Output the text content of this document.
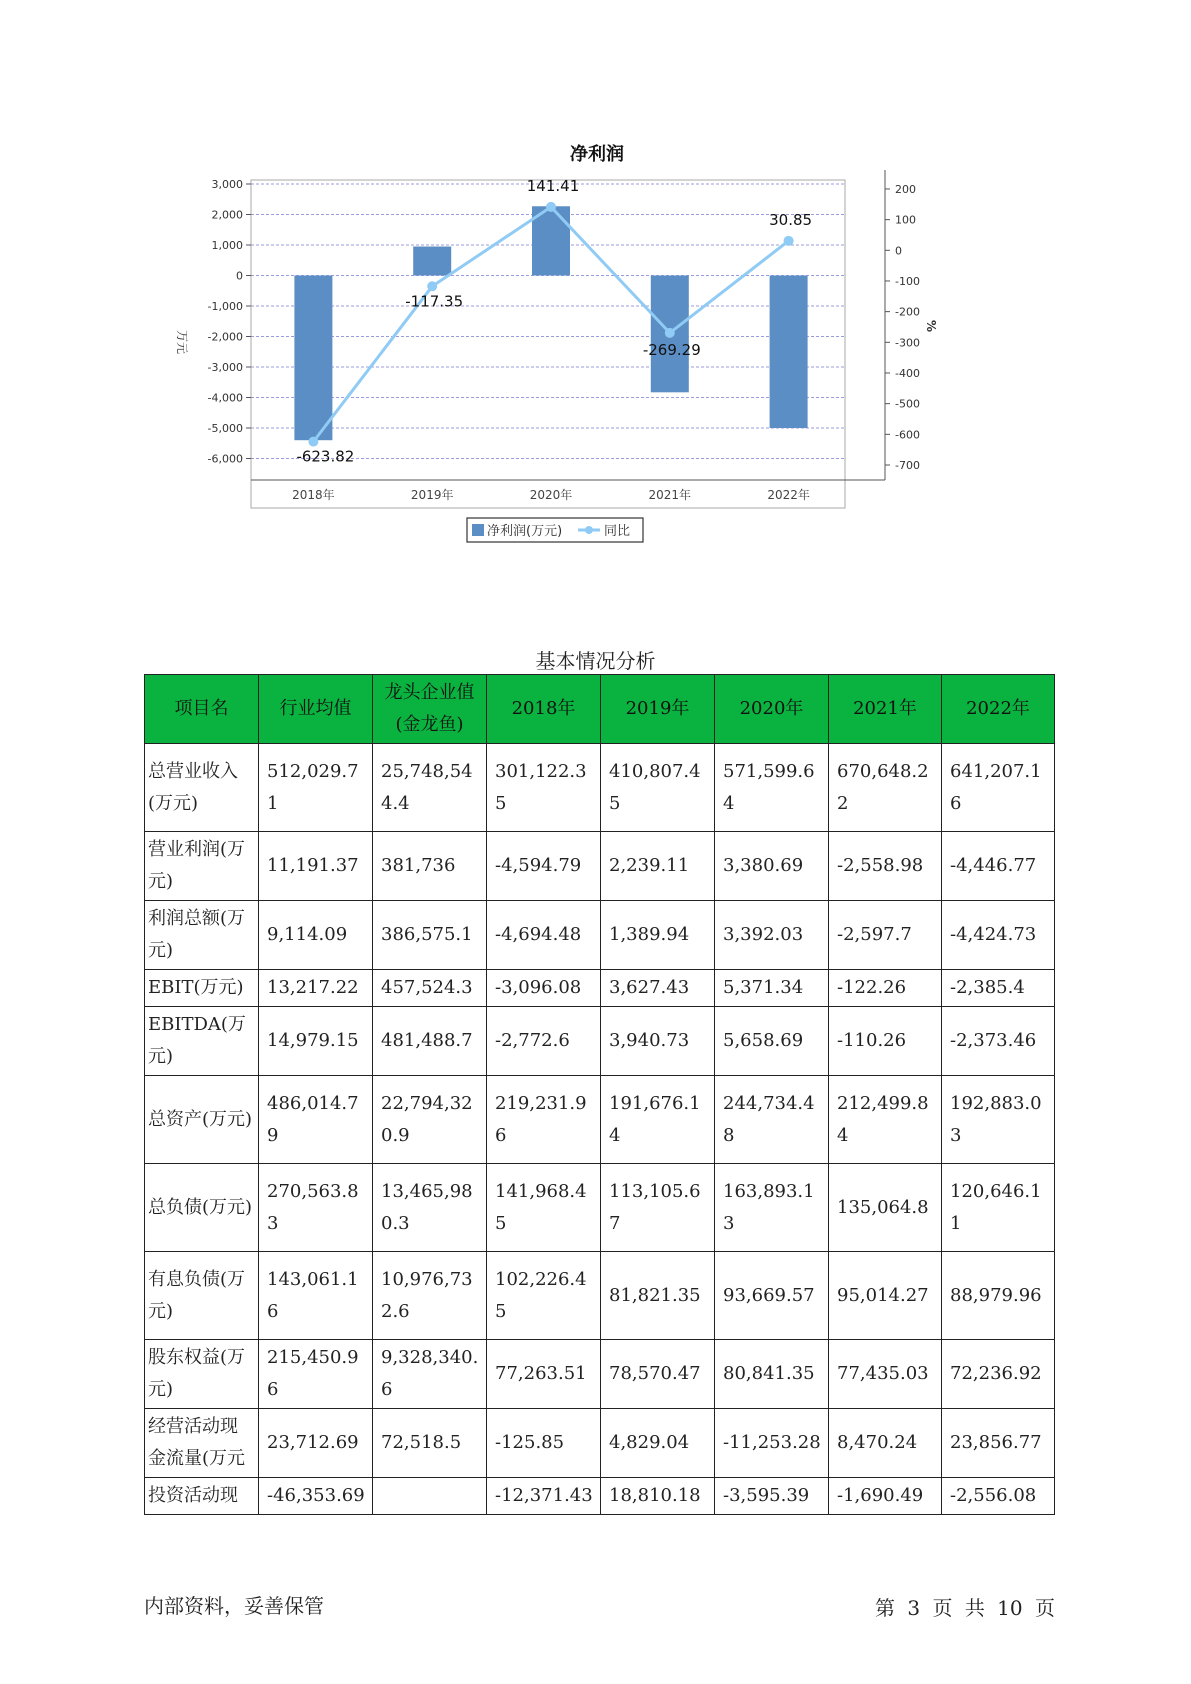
净利润
3,000
2,000
1,000
0
-1,000
-2,000
-3,000
-4,000
-5,000
-6,000
200
100
0
-100
-200
-300
-400
-500
-600
-700
-623.82
-117.35
141.41
-269.29
30.85
2018年	2019年	2020年	2021年	2022年
万元
%
净利润(万元)	同比
基本情况分析
项目名	行业均值	龙头企业值(金龙鱼)	2018年	2019年	2020年	2021年	2022年
总营业收入(万元)	512,029.71	25,748,544.4	301,122.35	410,807.45	571,599.64	670,648.22	641,207.16
营业利润(万元)	11,191.37	381,736	-4,594.79	2,239.11	3,380.69	-2,558.98	-4,446.77
利润总额(万元)	9,114.09	386,575.1	-4,694.48	1,389.94	3,392.03	-2,597.7	-4,424.73
EBIT(万元)	13,217.22	457,524.3	-3,096.08	3,627.43	5,371.34	-122.26	-2,385.4
EBITDA(万元)	14,979.15	481,488.7	-2,772.6	3,940.73	5,658.69	-110.26	-2,373.46
总资产(万元)	486,014.79	22,794,320.9	219,231.96	191,676.14	244,734.48	212,499.84	192,883.03
总负债(万元)	270,563.83	13,465,980.3	141,968.45	113,105.67	163,893.13	135,064.8	120,646.11
有息负债(万元)	143,061.16	10,976,732.6	102,226.45	81,821.35	93,669.57	95,014.27	88,979.96
股东权益(万元)	215,450.96	9,328,340.6	77,263.51	78,570.47	80,841.35	77,435.03	72,236.92
经营活动现金流量(万元	23,712.69	72,518.5	-125.85	4,829.04	-11,253.28	8,470.24	23,856.77
投资活动现	-46,353.69		-12,371.43	18,810.18	-3,595.39	-1,690.49	-2,556.08
内部资料，妥善保管	第 3 页 共 10 页
